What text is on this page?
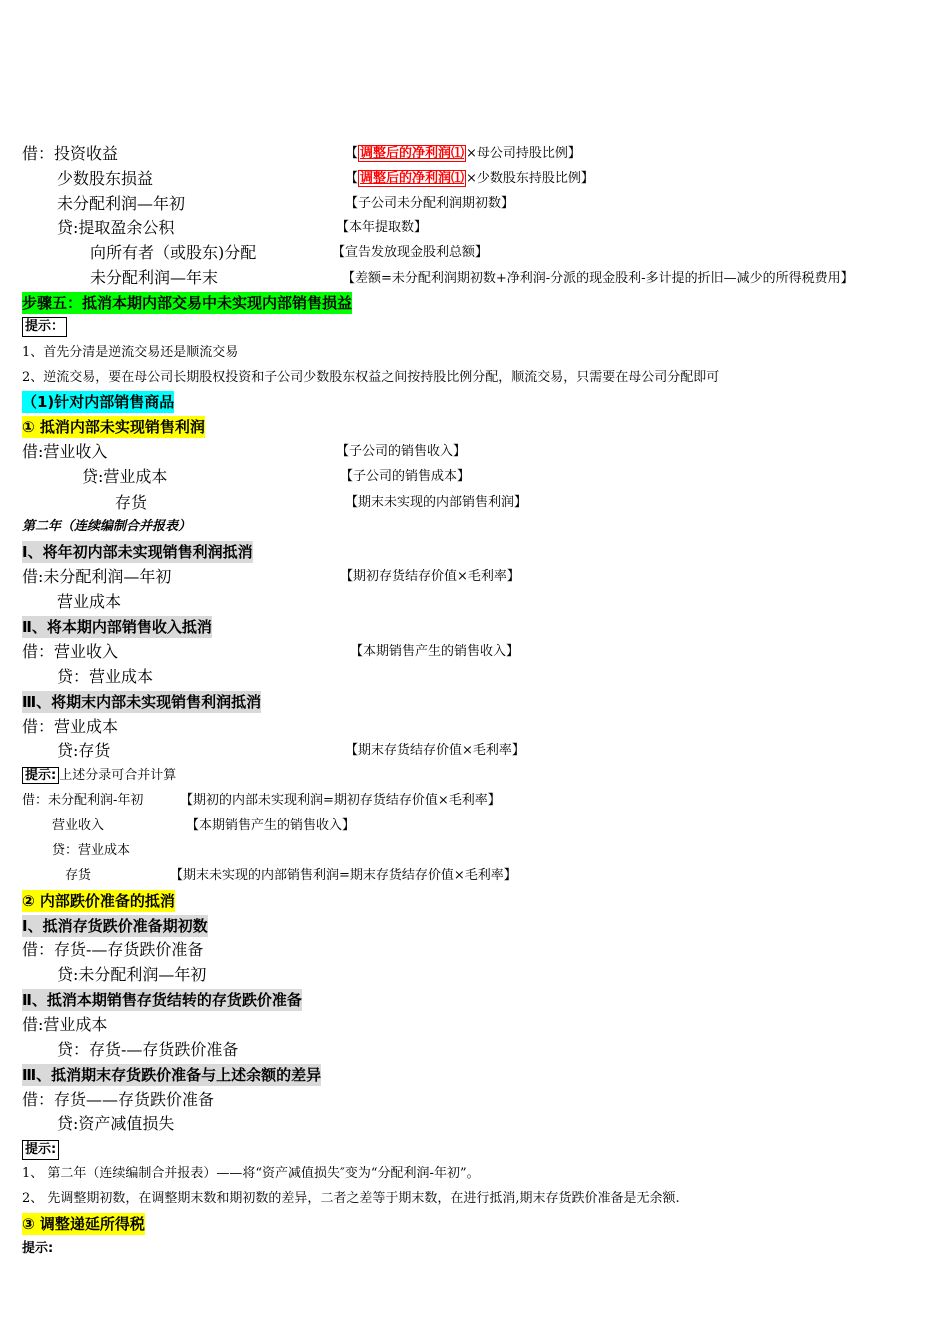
借：投资收益	【 调整后的净利润⑴ ×母公司持股比例】
少数股东损益	【 调整后的净利润⑴ ×少数股东持股比例】
未分配利润—年初	【子公司未分配利润期初数】
贷:提取盈余公积	【本年提取数】
向所有者（或股东)分配	【宣告发放现金股利总额】
未分配利润—年末	【差额=未分配利润期初数+净利润-分派的现金股利-多计提的折旧—减少的所得税费用】
步骤五：抵消本期内部交易中未实现内部销售损益
提示：
1、首先分清是逆流交易还是顺流交易
2、逆流交易，要在母公司长期股权投资和子公司少数股东权益之间按持股比例分配，顺流交易，只需要在母公司分配即可
（1)针对内部销售商品
① 抵消内部未实现销售利润
借:营业收入	【子公司的销售收入】
贷:营业成本	【子公司的销售成本】
存货	【期末未实现的内部销售利润】
第二年（连续编制合并报表）
Ⅰ、将年初内部未实现销售利润抵消
借:未分配利润—年初	【期初存货结存价值×毛利率】
营业成本
Ⅱ、将本期内部销售收入抵消
借：营业收入	【本期销售产生的销售收入】
贷：营业成本
Ⅲ、将期末内部未实现销售利润抵消
借：营业成本
贷:存货	【期末存货结存价值×毛利率】
提示: 上述分录可合并计算
借：未分配利润-年初	【期初的内部未实现利润=期初存货结存价值×毛利率】
营业收入	【本期销售产生的销售收入】
贷：营业成本
存货	【期末未实现的内部销售利润=期末存货结存价值×毛利率】
② 内部跌价准备的抵消
Ⅰ、抵消存货跌价准备期初数
借：存货-—存货跌价准备
贷:未分配利润—年初
Ⅱ、抵消本期销售存货结转的存货跌价准备
借:营业成本
贷：存货-—存货跌价准备
Ⅲ、抵消期末存货跌价准备与上述余额的差异
借：存货——存货跌价准备
贷:资产减值损失
提示:
1、 第二年（连续编制合并报表）——将“资产减值损失″变为“分配利润-年初”。
2、 先调整期初数，在调整期末数和期初数的差异，二者之差等于期末数，在进行抵消,期末存货跌价准备是无余额.
③ 调整递延所得税
提示:
